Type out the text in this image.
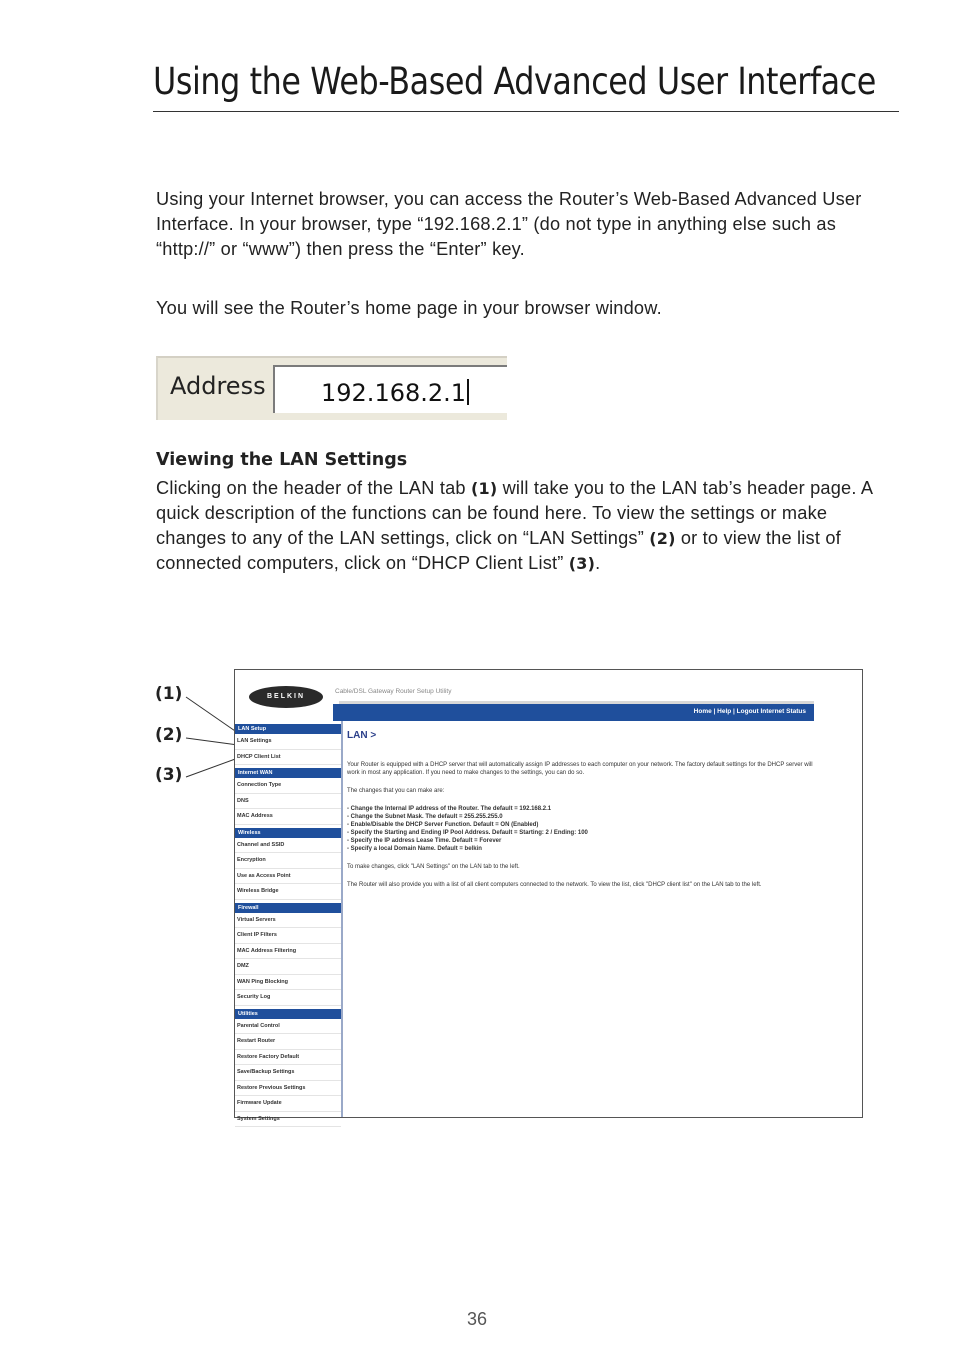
Using the Web-Based Advanced User Interface

Using your Internet browser, you can access the Router’s Web-Based Advanced User Interface. In your browser, type “192.168.2.1” (do not type in anything else such as “http://” or “www”) then press the “Enter” key.

You will see the Router’s home page in your browser window.

Address 192.168.2.1
Viewing the LAN Settings

Clicking on the header of the LAN tab (1) will take you to the LAN tab’s header page. A quick description of the functions can be found here. To view the settings or make changes to any of the LAN settings, click on “LAN Settings” (2) or to view the list of connected computers, click on “DHCP Client List” (3).

(1)
(2)
(3)
BELKIN
Cable/DSL Gateway Router Setup Utility
Home | Help | Logout Internet Status
LAN Setup
LAN Settings
DHCP Client List
Internet WAN
Connection Type
DNS
MAC Address
Wireless
Channel and SSID
Encryption
Use as Access Point
Wireless Bridge
Firewall
Virtual Servers
Client IP Filters
MAC Address Filtering
DMZ
WAN Ping Blocking
Security Log
Utilities
Parental Control
Restart Router
Restore Factory Default
Save/Backup Settings
Restore Previous Settings
Firmware Update
System Settings
LAN >

Your Router is equipped with a DHCP server that will automatically assign IP addresses to each computer on your network. The factory default settings for the DHCP server will work in most any application. If you need to make changes to the settings, you can do so.

The changes that you can make are:

- Change the Internal IP address of the Router. The default = 192.168.2.1
- Change the Subnet Mask. The default = 255.255.255.0
- Enable/Disable the DHCP Server Function. Default = ON (Enabled)
- Specify the Starting and Ending IP Pool Address. Default = Starting: 2 / Ending: 100
- Specify the IP address Lease Time. Default = Forever
- Specify a local Domain Name. Default = belkin

To make changes, click "LAN Settings" on the LAN tab to the left.

The Router will also provide you with a list of all client computers connected to the network. To view the list, click "DHCP client list" on the LAN tab to the left.

36
